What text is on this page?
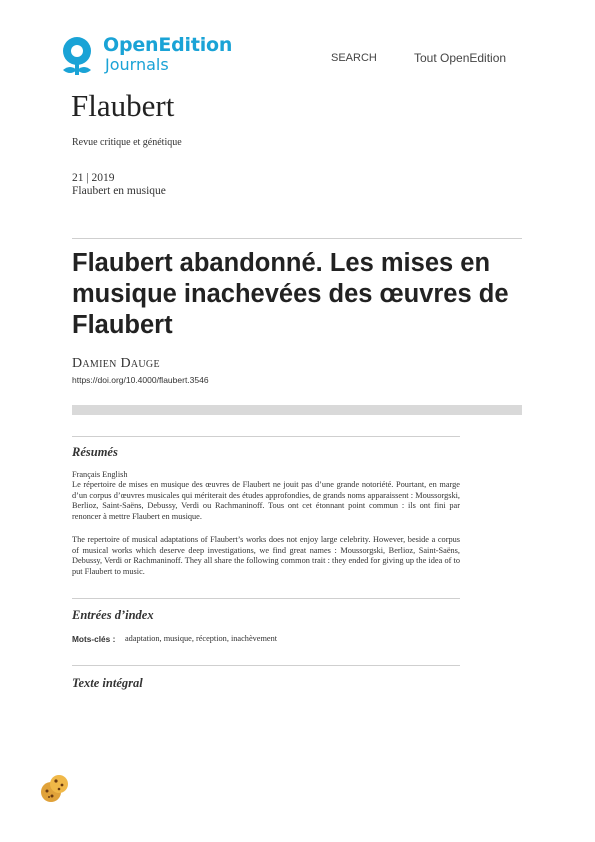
OpenEdition
Journals	SEARCH	Tout OpenEdition
Flaubert
Revue critique et génétique
21 | 2019
Flaubert en musique
Flaubert abandonné. Les mises en musique inachevées des œuvres de Flaubert
Damien Dauge
https://doi.org/10.4000/flaubert.3546
Résumés
Français English

Le répertoire de mises en musique des œuvres de Flaubert ne jouit pas d’une grande notoriété. Pourtant, en marge d’un corpus d’œuvres musicales qui mériterait des études approfondies, de grands noms apparaissent : Moussorgski, Berlioz, Saint-Saëns, Debussy, Verdi ou Rachmaninoff. Tous ont cet étonnant point commun : ils ont fini par renoncer à mettre Flaubert en musique.

The repertoire of musical adaptations of Flaubert’s works does not enjoy large celebrity. However, beside a corpus of musical works which deserve deep investigations, we find great names : Moussorgski, Berlioz, Saint-Saëns, Debussy, Verdi or Rachmaninoff. They all share the following common trait : they ended for giving up the idea of to put Flaubert to music.

Entrées d’index
Mots-clés : adaptation, musique, réception, inachèvement
Texte intégral
